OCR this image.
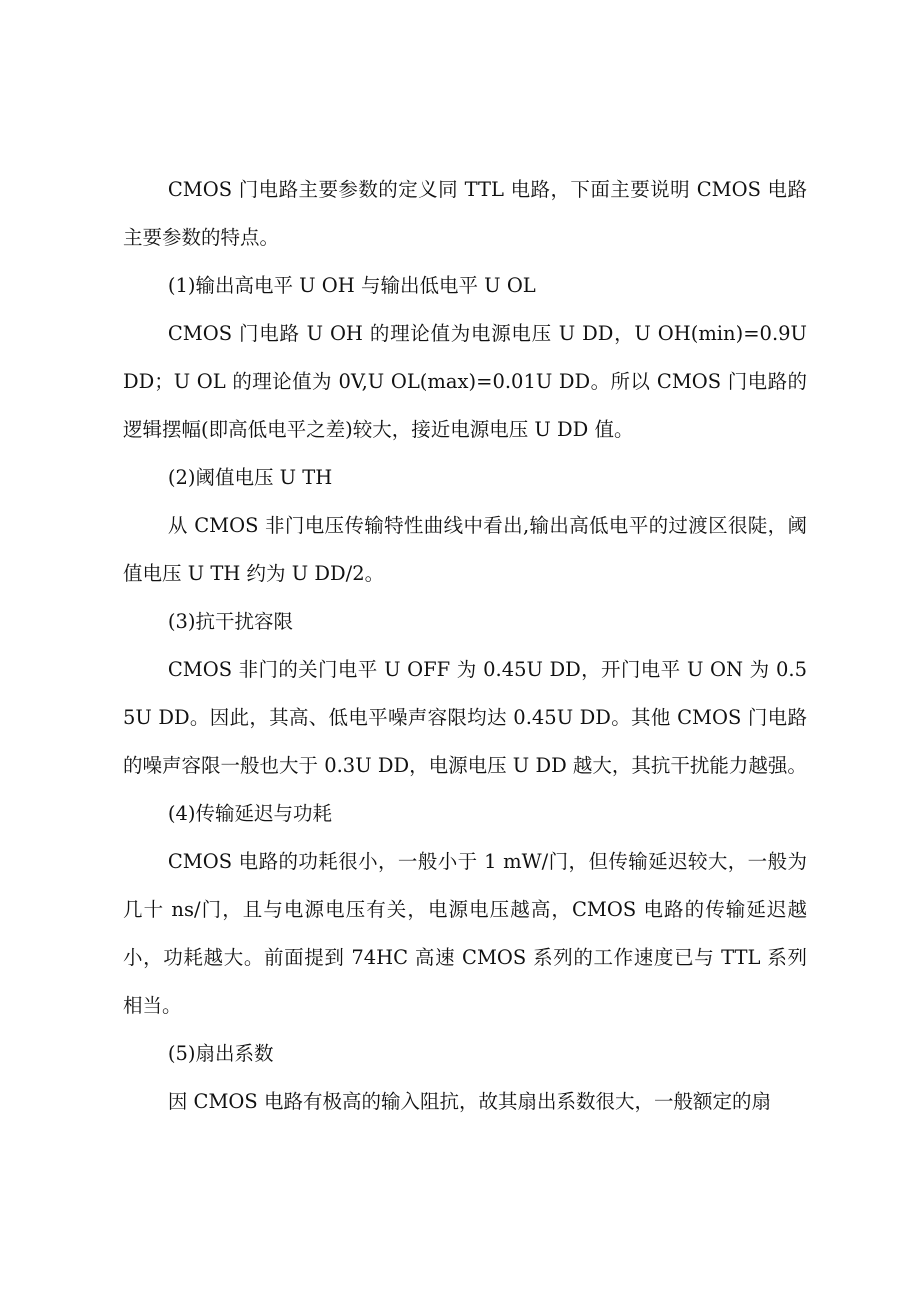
CMOS 门电路主要参数的定义同 TTL 电路，下面主要说明 CMOS 电路主要参数的特点。

(1)输出高电平 U OH 与输出低电平 U OL

CMOS 门电路 U OH 的理论值为电源电压 U DD，U OH(min)=0.9U DD；U OL 的理论值为 0V,U OL(max)=0.01U DD。所以 CMOS 门电路的逻辑摆幅(即高低电平之差)较大，接近电源电压 U DD 值。

(2)阈值电压 U TH

从 CMOS 非门电压传输特性曲线中看出,输出高低电平的过渡区很陡，阈值电压 U TH 约为 U DD/2。

(3)抗干扰容限

CMOS 非门的关门电平 U OFF 为 0.45U DD，开门电平 U ON 为 0.55U DD。因此，其高、低电平噪声容限均达 0.45U DD。其他 CMOS 门电路的噪声容限一般也大于 0.3U DD，电源电压 U DD 越大，其抗干扰能力越强。

(4)传输延迟与功耗

CMOS 电路的功耗很小，一般小于 1 mW/门，但传输延迟较大，一般为几十 ns/门，且与电源电压有关，电源电压越高，CMOS 电路的传输延迟越小，功耗越大。前面提到 74HC 高速 CMOS 系列的工作速度已与 TTL 系列相当。

(5)扇出系数

因 CMOS 电路有极高的输入阻抗，故其扇出系数很大，一般额定的扇
